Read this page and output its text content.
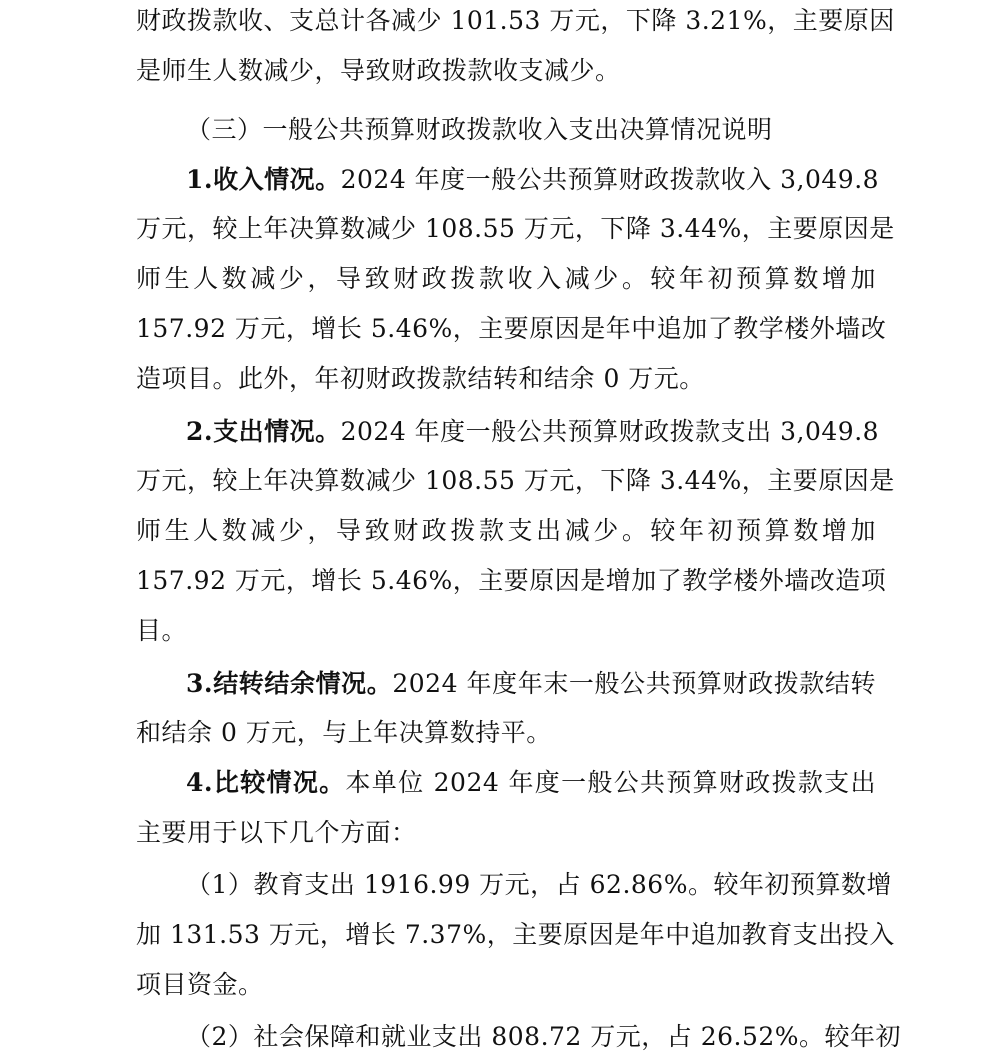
财政拨款收、支总计各减少 101.53 万元，下降 3.21%，主要原因
是师生人数减少，导致财政拨款收支减少。
（三）一般公共预算财政拨款收入支出决算情况说明
1.收入情况。2024 年度一般公共预算财政拨款收入 3,049.8
万元，较上年决算数减少 108.55 万元，下降 3.44%，主要原因是
师生人数减少，导致财政拨款收入减少。较年初预算数增加
157.92 万元，增长 5.46%，主要原因是年中追加了教学楼外墙改
造项目。此外，年初财政拨款结转和结余 0 万元。
2.支出情况。2024 年度一般公共预算财政拨款支出 3,049.8
万元，较上年决算数减少 108.55 万元，下降 3.44%，主要原因是
师生人数减少，导致财政拨款支出减少。较年初预算数增加
157.92 万元，增长 5.46%，主要原因是增加了教学楼外墙改造项
目。
3.结转结余情况。2024 年度年末一般公共预算财政拨款结转
和结余 0 万元，与上年决算数持平。
4.比较情况。本单位 2024 年度一般公共预算财政拨款支出
主要用于以下几个方面：
（1）教育支出 1916.99 万元，占 62.86%。较年初预算数增
加 131.53 万元，增长 7.37%，主要原因是年中追加教育支出投入
项目资金。
（2）社会保障和就业支出 808.72 万元，占 26.52%。较年初
